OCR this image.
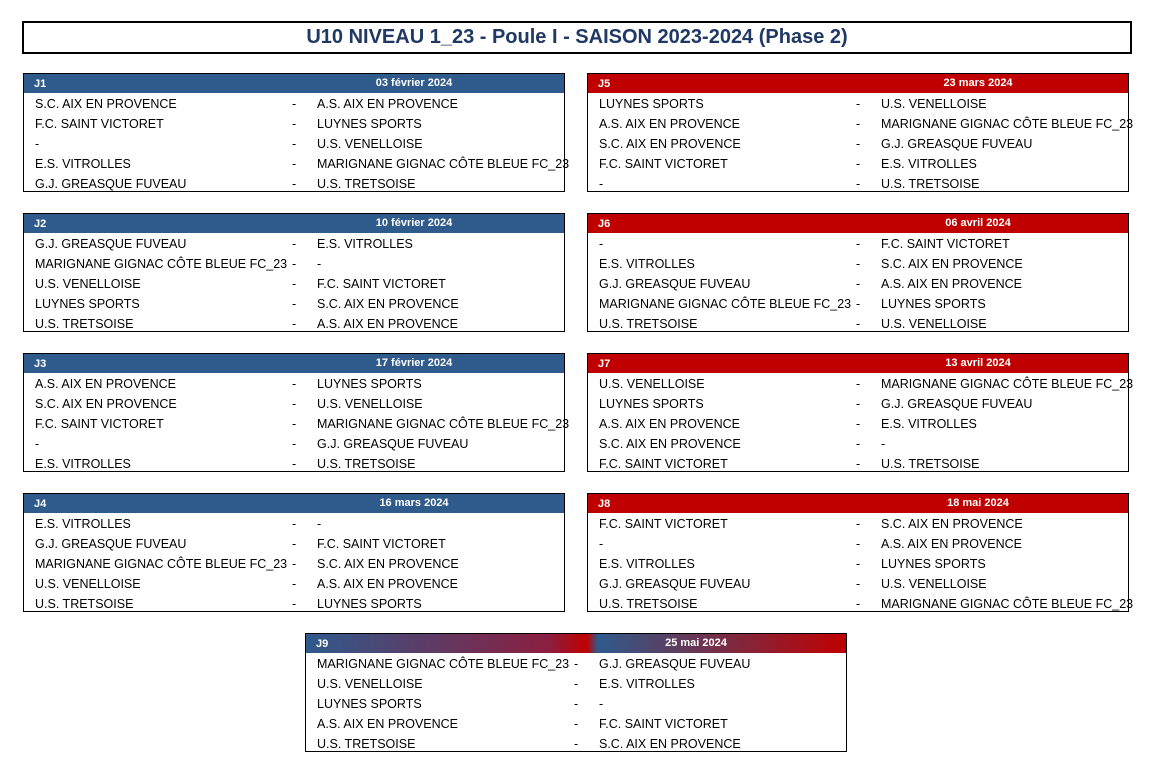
U10 NIVEAU 1_23 - Poule I - SAISON 2023-2024 (Phase 2)
J1	03 février 2024
S.C. AIX EN PROVENCE	- A.S. AIX EN PROVENCE
F.C. SAINT VICTORET	- LUYNES SPORTS
-	- U.S. VENELLOISE
E.S. VITROLLES	- MARIGNANE GIGNAC CÔTE BLEUE FC_23
G.J. GREASQUE FUVEAU	- U.S. TRETSOISE
J5	23 mars 2024
LUYNES SPORTS	- U.S. VENELLOISE
A.S. AIX EN PROVENCE	- MARIGNANE GIGNAC CÔTE BLEUE FC_23
S.C. AIX EN PROVENCE	- G.J. GREASQUE FUVEAU
F.C. SAINT VICTORET	- E.S. VITROLLES
-	- U.S. TRETSOISE
J2	10 février 2024
G.J. GREASQUE FUVEAU	- E.S. VITROLLES
MARIGNANE GIGNAC CÔTE BLEUE FC_23 - -
U.S. VENELLOISE	- F.C. SAINT VICTORET
LUYNES SPORTS	- S.C. AIX EN PROVENCE
U.S. TRETSOISE	- A.S. AIX EN PROVENCE
J6	06 avril 2024
-	- F.C. SAINT VICTORET
E.S. VITROLLES	- S.C. AIX EN PROVENCE
G.J. GREASQUE FUVEAU	- A.S. AIX EN PROVENCE
MARIGNANE GIGNAC CÔTE BLEUE FC_23 - LUYNES SPORTS
U.S. TRETSOISE	- U.S. VENELLOISE
J3	17 février 2024
A.S. AIX EN PROVENCE	- LUYNES SPORTS
S.C. AIX EN PROVENCE	- U.S. VENELLOISE
F.C. SAINT VICTORET	- MARIGNANE GIGNAC CÔTE BLEUE FC_23
-	- G.J. GREASQUE FUVEAU
E.S. VITROLLES	- U.S. TRETSOISE
J7	13 avril 2024
U.S. VENELLOISE	- MARIGNANE GIGNAC CÔTE BLEUE FC_23
LUYNES SPORTS	- G.J. GREASQUE FUVEAU
A.S. AIX EN PROVENCE	- E.S. VITROLLES
S.C. AIX EN PROVENCE	- -
F.C. SAINT VICTORET	- U.S. TRETSOISE
J4	16 mars 2024
E.S. VITROLLES	- -
G.J. GREASQUE FUVEAU	- F.C. SAINT VICTORET
MARIGNANE GIGNAC CÔTE BLEUE FC_23 - S.C. AIX EN PROVENCE
U.S. VENELLOISE	- A.S. AIX EN PROVENCE
U.S. TRETSOISE	- LUYNES SPORTS
J8	18 mai 2024
F.C. SAINT VICTORET	- S.C. AIX EN PROVENCE
-	- A.S. AIX EN PROVENCE
E.S. VITROLLES	- LUYNES SPORTS
G.J. GREASQUE FUVEAU	- U.S. VENELLOISE
U.S. TRETSOISE	- MARIGNANE GIGNAC CÔTE BLEUE FC_23
J9	25 mai 2024
MARIGNANE GIGNAC CÔTE BLEUE FC_23 - G.J. GREASQUE FUVEAU
U.S. VENELLOISE	- E.S. VITROLLES
LUYNES SPORTS	- -
A.S. AIX EN PROVENCE	- F.C. SAINT VICTORET
U.S. TRETSOISE	- S.C. AIX EN PROVENCE
